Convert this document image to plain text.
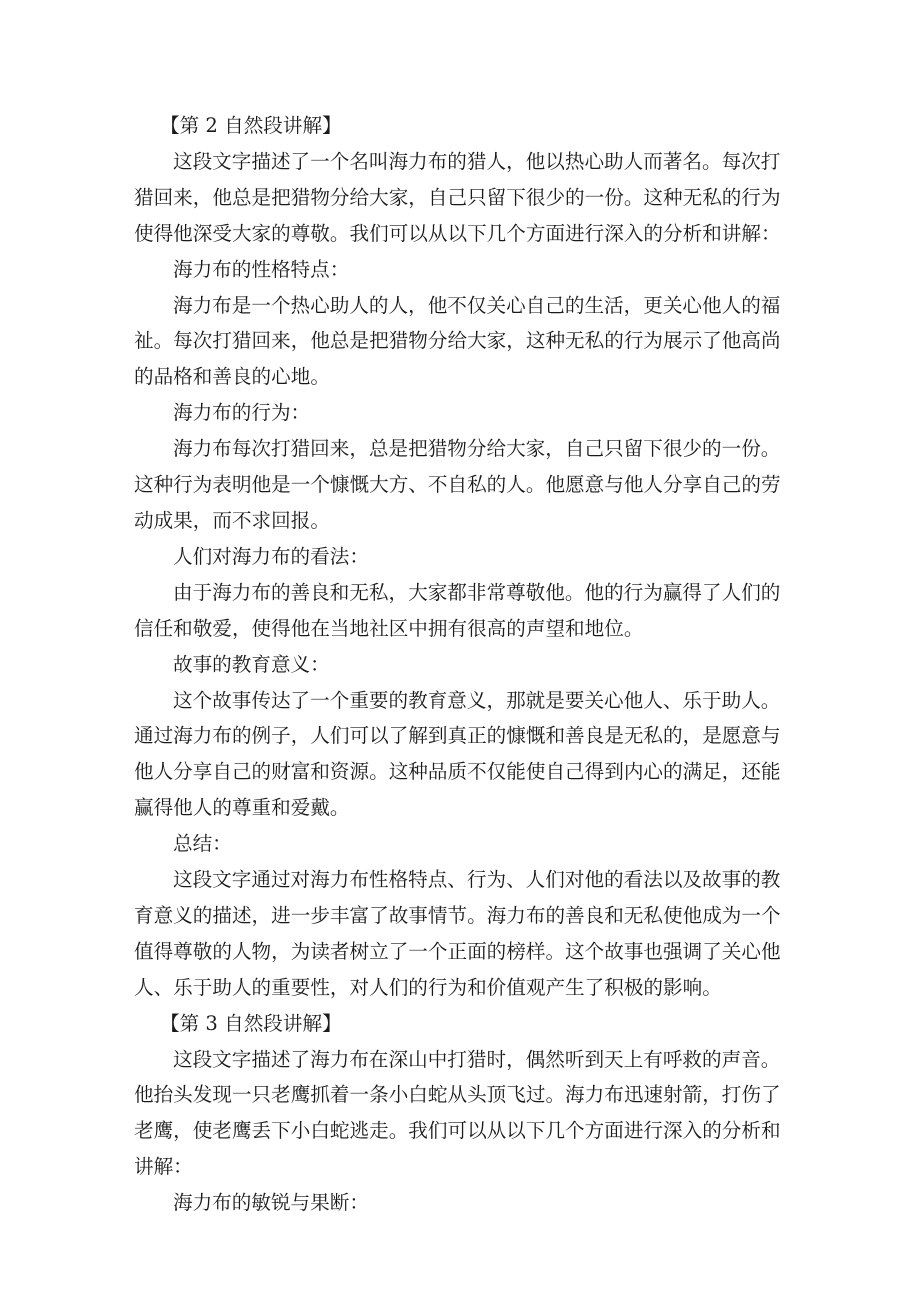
【第 2 自然段讲解】

这段文字描述了一个名叫海力布的猎人，他以热心助人而著名。每次打猎回来，他总是把猎物分给大家，自己只留下很少的一份。这种无私的行为使得他深受大家的尊敬。我们可以从以下几个方面进行深入的分析和讲解：

海力布的性格特点：

海力布是一个热心助人的人，他不仅关心自己的生活，更关心他人的福祉。每次打猎回来，他总是把猎物分给大家，这种无私的行为展示了他高尚的品格和善良的心地。

海力布的行为：

海力布每次打猎回来，总是把猎物分给大家，自己只留下很少的一份。这种行为表明他是一个慷慨大方、不自私的人。他愿意与他人分享自己的劳动成果，而不求回报。

人们对海力布的看法：

由于海力布的善良和无私，大家都非常尊敬他。他的行为赢得了人们的信任和敬爱，使得他在当地社区中拥有很高的声望和地位。

故事的教育意义：

这个故事传达了一个重要的教育意义，那就是要关心他人、乐于助人。通过海力布的例子，人们可以了解到真正的慷慨和善良是无私的，是愿意与他人分享自己的财富和资源。这种品质不仅能使自己得到内心的满足，还能赢得他人的尊重和爱戴。

总结：

这段文字通过对海力布性格特点、行为、人们对他的看法以及故事的教育意义的描述，进一步丰富了故事情节。海力布的善良和无私使他成为一个值得尊敬的人物，为读者树立了一个正面的榜样。这个故事也强调了关心他人、乐于助人的重要性，对人们的行为和价值观产生了积极的影响。

【第 3 自然段讲解】

这段文字描述了海力布在深山中打猎时，偶然听到天上有呼救的声音。他抬头发现一只老鹰抓着一条小白蛇从头顶飞过。海力布迅速射箭，打伤了老鹰，使老鹰丢下小白蛇逃走。我们可以从以下几个方面进行深入的分析和讲解：

海力布的敏锐与果断：
